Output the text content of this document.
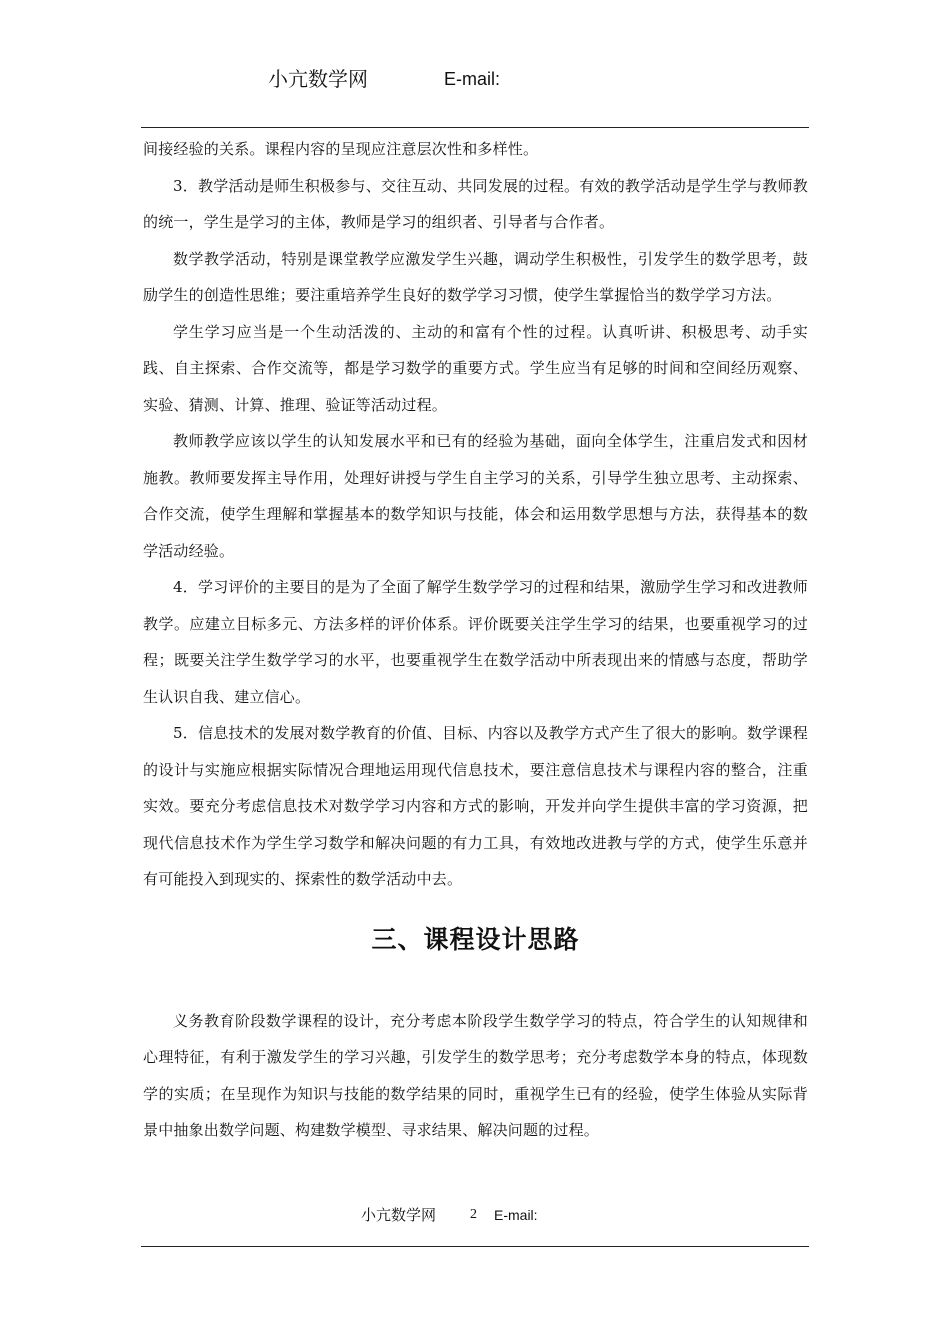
小亢数学网	E-mail:

间接经验的关系。课程内容的呈现应注意层次性和多样性。

3．教学活动是师生积极参与、交往互动、共同发展的过程。有效的教学活动是学生学与教师教的统一，学生是学习的主体，教师是学习的组织者、引导者与合作者。

数学教学活动，特别是课堂教学应激发学生兴趣，调动学生积极性，引发学生的数学思考，鼓励学生的创造性思维；要注重培养学生良好的数学学习习惯，使学生掌握恰当的数学学习方法。

学生学习应当是一个生动活泼的、主动的和富有个性的过程。认真听讲、积极思考、动手实践、自主探索、合作交流等，都是学习数学的重要方式。学生应当有足够的时间和空间经历观察、实验、猜测、计算、推理、验证等活动过程。

教师教学应该以学生的认知发展水平和已有的经验为基础，面向全体学生，注重启发式和因材施教。教师要发挥主导作用，处理好讲授与学生自主学习的关系，引导学生独立思考、主动探索、合作交流，使学生理解和掌握基本的数学知识与技能，体会和运用数学思想与方法，获得基本的数学活动经验。

4．学习评价的主要目的是为了全面了解学生数学学习的过程和结果，激励学生学习和改进教师教学。应建立目标多元、方法多样的评价体系。评价既要关注学生学习的结果，也要重视学习的过程；既要关注学生数学学习的水平，也要重视学生在数学活动中所表现出来的情感与态度，帮助学生认识自我、建立信心。

5．信息技术的发展对数学教育的价值、目标、内容以及教学方式产生了很大的影响。数学课程的设计与实施应根据实际情况合理地运用现代信息技术，要注意信息技术与课程内容的整合，注重实效。要充分考虑信息技术对数学学习内容和方式的影响，开发并向学生提供丰富的学习资源，把现代信息技术作为学生学习数学和解决问题的有力工具，有效地改进教与学的方式，使学生乐意并有可能投入到现实的、探索性的数学活动中去。

三、课程设计思路

义务教育阶段数学课程的设计，充分考虑本阶段学生数学学习的特点，符合学生的认知规律和心理特征，有利于激发学生的学习兴趣，引发学生的数学思考；充分考虑数学本身的特点，体现数学的实质；在呈现作为知识与技能的数学结果的同时，重视学生已有的经验，使学生体验从实际背景中抽象出数学问题、构建数学模型、寻求结果、解决问题的过程。

小亢数学网 2 E-mail:
